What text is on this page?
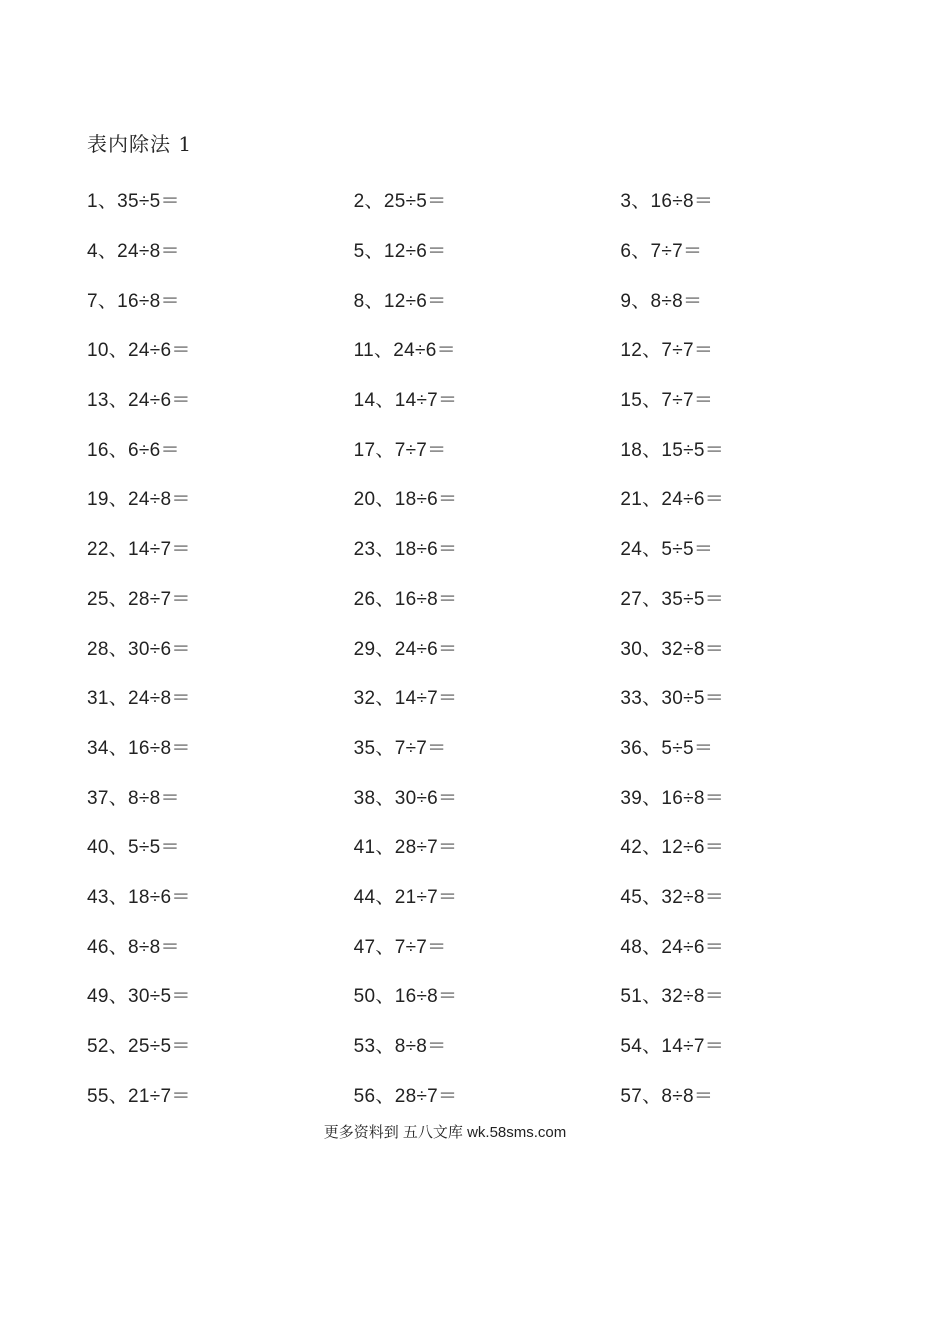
表内除法 1
1、35÷5＝	2、25÷5＝	3、16÷8＝
4、24÷8＝	5、12÷6＝	6、7÷7＝
7、16÷8＝	8、12÷6＝	9、8÷8＝
10、24÷6＝	11、24÷6＝	12、7÷7＝
13、24÷6＝	14、14÷7＝	15、7÷7＝
16、6÷6＝	17、7÷7＝	18、15÷5＝
19、24÷8＝	20、18÷6＝	21、24÷6＝
22、14÷7＝	23、18÷6＝	24、5÷5＝
25、28÷7＝	26、16÷8＝	27、35÷5＝
28、30÷6＝	29、24÷6＝	30、32÷8＝
31、24÷8＝	32、14÷7＝	33、30÷5＝
34、16÷8＝	35、7÷7＝	36、5÷5＝
37、8÷8＝	38、30÷6＝	39、16÷8＝
40、5÷5＝	41、28÷7＝	42、12÷6＝
43、18÷6＝	44、21÷7＝	45、32÷8＝
46、8÷8＝	47、7÷7＝	48、24÷6＝
49、30÷5＝	50、16÷8＝	51、32÷8＝
52、25÷5＝	53、8÷8＝	54、14÷7＝
55、21÷7＝	56、28÷7＝	57、8÷8＝
更多资料到 五八文库 wk.58sms.com
